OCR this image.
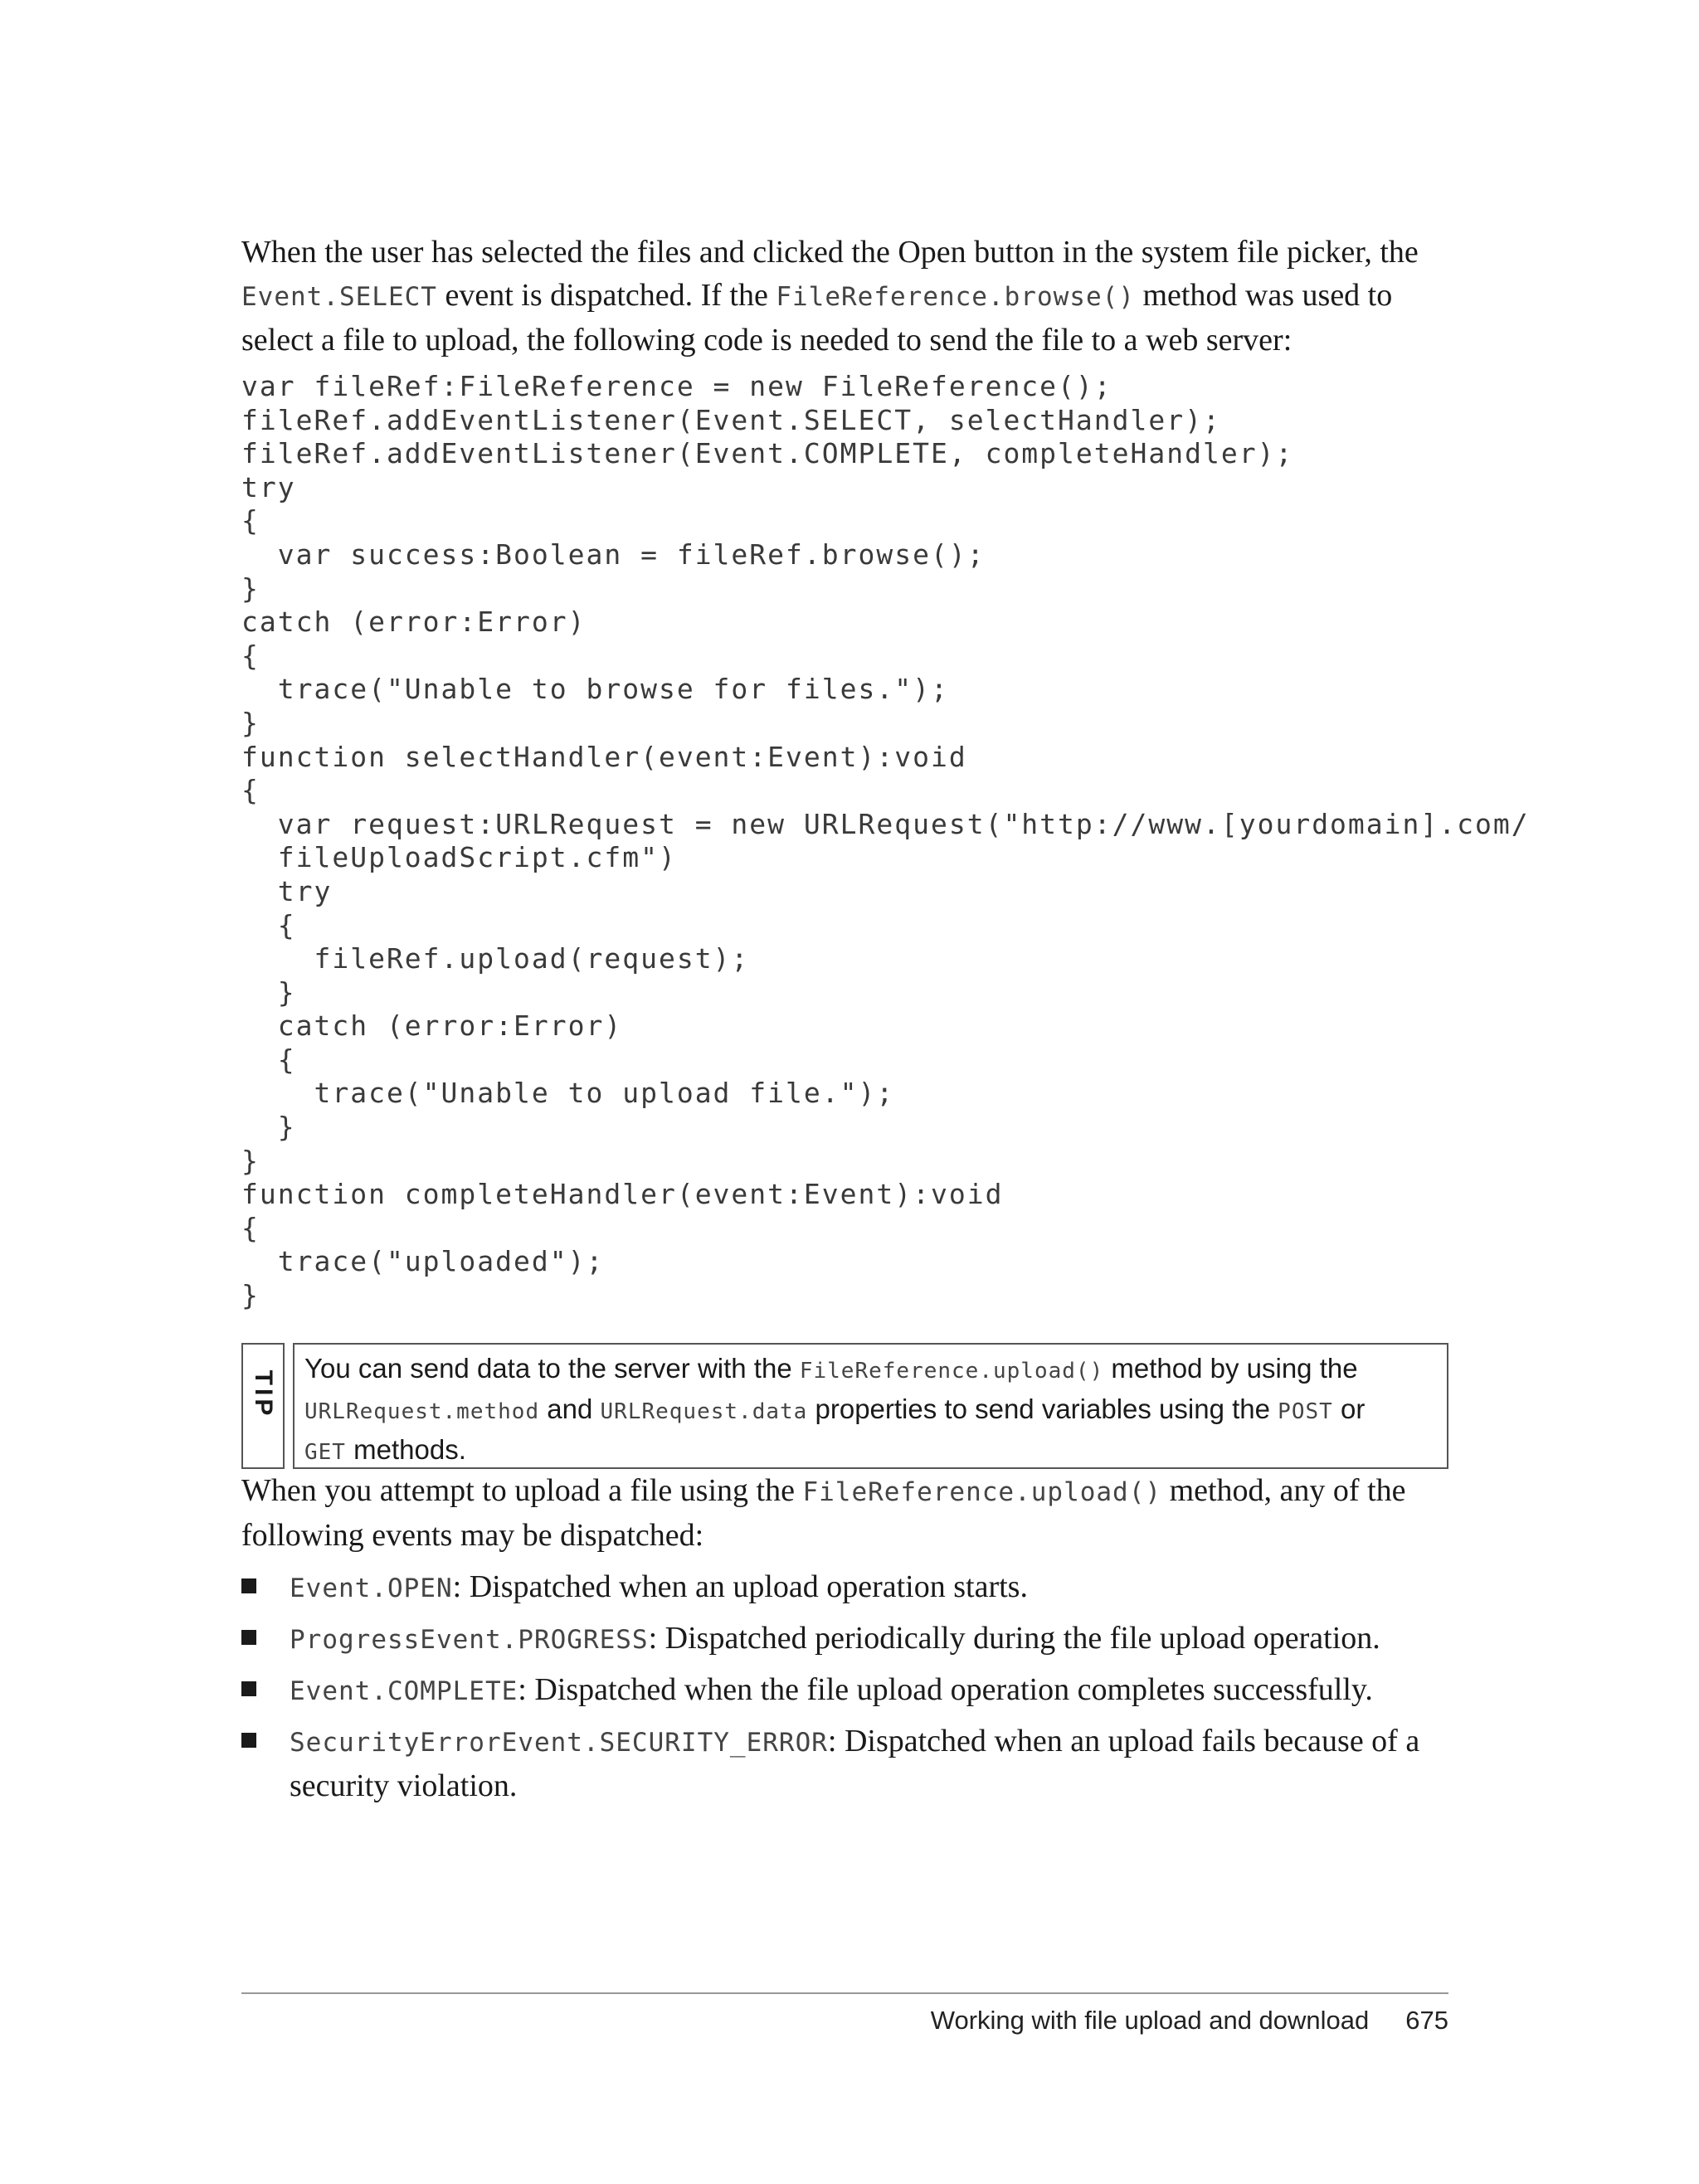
When the user has selected the files and clicked the Open button in the system file picker, the Event.SELECT event is dispatched. If the FileReference.browse() method was used to select a file to upload, the following code is needed to send the file to a web server:

var fileRef:FileReference = new FileReference();
fileRef.addEventListener(Event.SELECT, selectHandler);
fileRef.addEventListener(Event.COMPLETE, completeHandler);
try
{
var success:Boolean = fileRef.browse();
}
catch (error:Error)
{
trace("Unable to browse for files.");
}
function selectHandler(event:Event):void
{
var request:URLRequest = new URLRequest("http://www.[yourdomain].com/
fileUploadScript.cfm")
try
{
fileRef.upload(request);
}
catch (error:Error)
{
trace("Unable to upload file.");
}
}
function completeHandler(event:Event):void
{
trace("uploaded");
}
TIP
You can send data to the server with the FileReference.upload() method by using the
URLRequest.method and URLRequest.data properties to send variables using the POST or
GET methods.

When you attempt to upload a file using the FileReference.upload() method, any of the following events may be dispatched:

Event.OPEN: Dispatched when an upload operation starts.
ProgressEvent.PROGRESS: Dispatched periodically during the file upload operation.
Event.COMPLETE: Dispatched when the file upload operation completes successfully.
SecurityErrorEvent.SECURITY_ERROR: Dispatched when an upload fails because of a security violation.
Working with file upload and download 675
